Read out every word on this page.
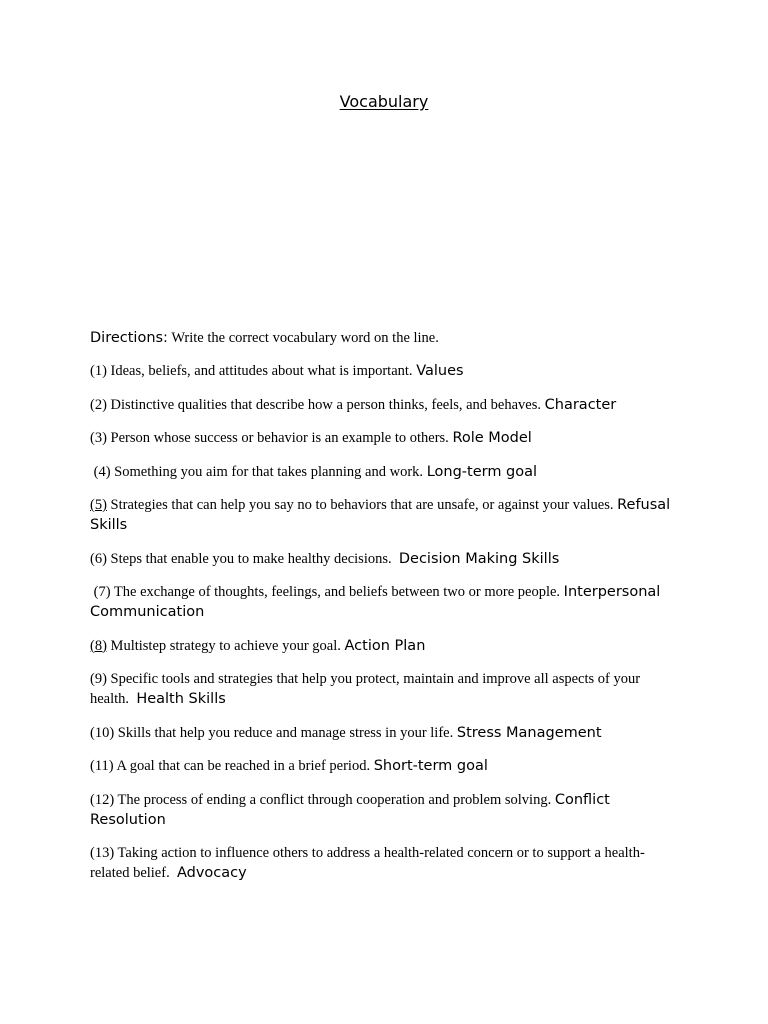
Vocabulary

Directions: Write the correct vocabulary word on the line.

(1) Ideas, beliefs, and attitudes about what is important. Values

(2) Distinctive qualities that describe how a person thinks, feels, and behaves. Character

(3) Person whose success or behavior is an example to others. Role Model

(4) Something you aim for that takes planning and work. Long-term goal

(5) Strategies that can help you say no to behaviors that are unsafe, or against your values. Refusal Skills

(6) Steps that enable you to make healthy decisions.  Decision Making Skills

(7) The exchange of thoughts, feelings, and beliefs between two or more people. Interpersonal Communication

(8) Multistep strategy to achieve your goal. Action Plan

(9) Specific tools and strategies that help you protect, maintain and improve all aspects of your health.  Health Skills

(10) Skills that help you reduce and manage stress in your life. Stress Management

(11) A goal that can be reached in a brief period. Short-term goal

(12) The process of ending a conflict through cooperation and problem solving. Conflict Resolution

(13) Taking action to influence others to address a health-related concern or to support a health-related belief.  Advocacy
